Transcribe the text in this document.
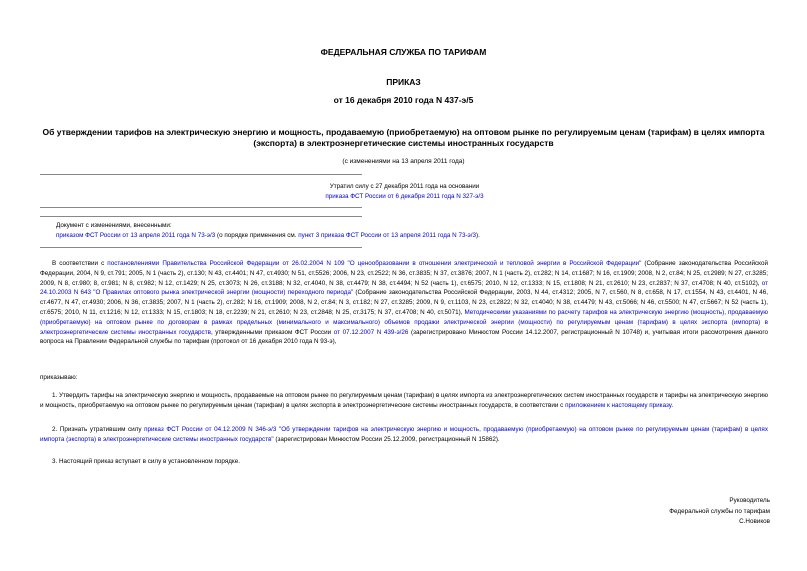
ФЕДЕРАЛЬНАЯ СЛУЖБА ПО ТАРИФАМ
ПРИКАЗ
от 16 декабря 2010 года N 437-э/5
Об утверждении тарифов на электрическую энергию и мощность, продаваемую (приобретаемую) на оптовом рынке по регулируемым ценам (тарифам) в целях импорта (экспорта) в электроэнергетические системы иностранных государств
(с изменениями на 13 апреля 2011 года)
Утратил силу с 27 декабря 2011 года на основании
приказа ФСТ России от 6 декабря 2011 года N 327-э/3
Документ с изменениями, внесенными:
приказом ФСТ России от 13 апреля 2011 года N 73-э/3 (о порядке применения см. пункт 3 приказа ФСТ России от 13 апреля 2011 года N 73-э/3).
В соответствии с постановлениями Правительства Российской Федерации от 26.02.2004 N 109 "О ценообразовании в отношении электрической и тепловой энергии в Российской Федерации" (Собрание законодательства Российской Федерации, 2004, N 9, ст.791; 2005, N 1 (часть 2), ст.130; N 43, ст.4401; N 47, ст.4930; N 51, ст.5526; 2006, N 23, ст.2522; N 36, ст.3835; N 37, ст.3876; 2007, N 1 (часть 2), ст.282; N 14, ст.1687; N 16, ст.1909; 2008, N 2, ст.84; N 25, ст.2989; N 27, ст.3285; 2009, N 8, ст.980; 8, ст.981; N 8, ст.982; N 12, ст.1429; N 25, ст.3073; N 26, ст.3188; N 32, ст.4040, N 38, ст.4479; N 38, ст.4494; N 52 (часть 1), ст.6575; 2010, N 12, ст.1333; N 15, ст.1808; N 21, ст.2610; N 23, ст.2837; N 37, ст.4708; N 40, ст.5102), от 24.10.2003 N 643 "О Правилах оптового рынка электрической энергии (мощности) переходного периода" (Собрание законодательства Российской Федерации, 2003, N 44, ст.4312; 2005, N 7, ст.560, N 8, ст.658, N 17, ст.1554, N 43, ст.4401, N 46, ст.4677, N 47, ст.4930; 2006, N 36, ст.3835; 2007, N 1 (часть 2), ст.282; N 16, ст.1909; 2008, N 2, ст.84; N 3, ст.182; N 27, ст.3285; 2009, N 9, ст.1103, N 23, ст.2822; N 32, ст.4040; N 38, ст.4479; N 43, ст.5066; N 46, ст.5500; N 47, ст.5667; N 52 (часть 1), ст.6575; 2010, N 11, ст.1216; N 12, ст.1333; N 15, ст.1803; N 18, ст.2239; N 21, ст.2610; N 23, ст.2848; N 25, ст.3175; N 37, ст.4708; N 40, ст.5071), Методическими указаниями по расчету тарифов на электрическую энергию (мощность), продаваемую (приобретаемую) на оптовом рынке по договорам в рамках предельных (минимального и максимального) объемов продажи электрической энергии (мощности) по регулируемым ценам (тарифам) в целях экспорта (импорта) в электроэнергетические системы иностранных государств, утвержденными приказом ФСТ России от 07.12.2007 N 439-э/26 (зарегистрировано Минюстом России 14.12.2007, регистрационный N 10748) и, учитывая итоги рассмотрения данного вопроса на Правлении Федеральной службы по тарифам (протокол от 16 декабря 2010 года N 93-э),
приказываю:
1. Утвердить тарифы на электрическую энергию и мощность, продаваемые на оптовом рынке по регулируемым ценам (тарифам) в целях импорта из электроэнергетических систем иностранных государств и тарифы на электрическую энергию и мощность, приобретаемую на оптовом рынке по регулируемым ценам (тарифам) в целях экспорта в электроэнергетические системы иностранных государств, в соответствии с приложением к настоящему приказу.
2. Признать утратившим силу приказ ФСТ России от 04.12.2009 N 346-э/3 "Об утверждении тарифов на электрическую энергию и мощность, продаваемую (приобретаемую) на оптовом рынке по регулируемым ценам (тарифам) в целях импорта (экспорта) в электроэнергетические системы иностранных государств" (зарегистрирован Минюстом России 25.12.2009, регистрационный N 15862).
3. Настоящий приказ вступает в силу в установленном порядке.
Руководитель
Федеральной службы по тарифам
С.Новиков
